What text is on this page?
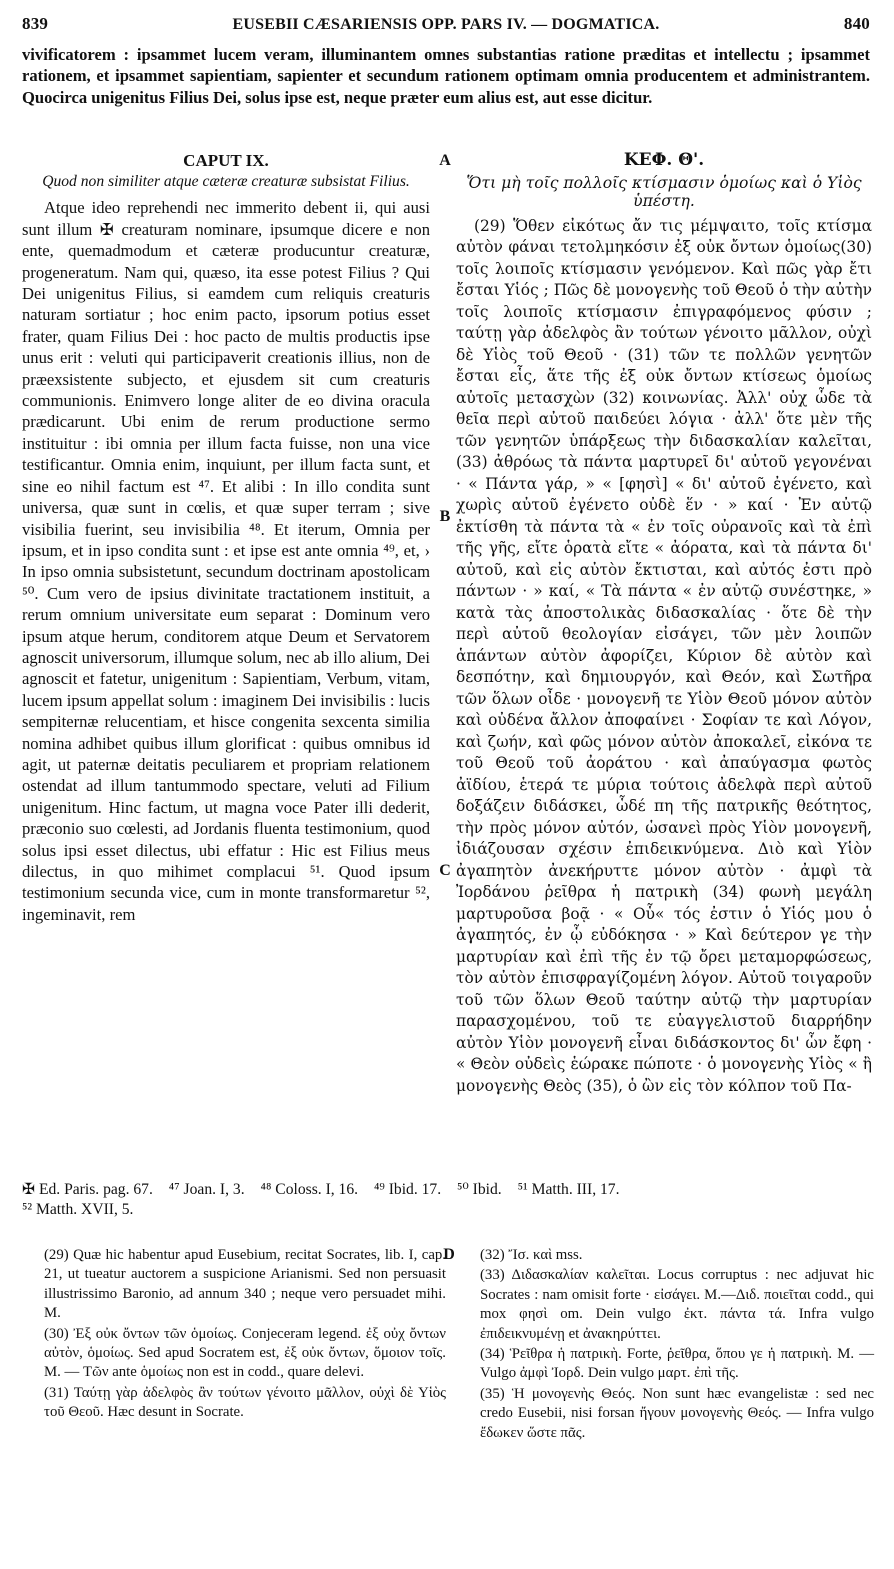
839	EUSEBII CÆSARIENSIS OPP. PARS IV. — DOGMATICA.	840
vivificatorem : ipsammet lucem veram, illuminantem omnes substantias ratione præditas et intellectu ; ipsammet rationem, et ipsammet sapientiam, sapienter et secundum rationem optimam omnia producentem et administrantem. Quocirca unigenitus Filius Dei, solus ipse est, neque præter eum alius est, aut esse dicitur.
CAPUT IX.
Quod non similiter atque cæteræ creaturæ subsistat Filius.

Atque ideo reprehendi nec immerito debent ii, qui ausi sunt illum ✠ creaturam nominare, ipsumque dicere e non ente, quemadmodum et cæteræ producuntur creaturæ, progeneratum. Nam qui, quæso, ita esse potest Filius ? Qui Dei unigenitus Filius, si eamdem cum reliquis creaturis naturam sortiatur ; hoc enim pacto, ipsorum potius esset frater, quam Filius Dei : hoc pacto de multis productis ipse unus erit : veluti qui participaverit creationis illius, non de præexsistente subjecto, et ejusdem sit cum creaturis communionis. Enimvero longe aliter de eo divina oracula prædicarunt. Ubi enim de rerum productione sermo instituitur : ibi omnia per illum facta fuisse, non una vice testificantur. Omnia enim, inquiunt, per illum facta sunt, et sine eo nihil factum est ⁴⁷. Et alibi : In illo condita sunt universa, quæ sunt in cœlis, et quæ super terram ; sive visibilia fuerint, seu invisibilia ⁴⁸. Et iterum, Omnia per ipsum, et in ipso condita sunt : et ipse est ante omnia ⁴⁹, et, › In ipso omnia subsistetunt, secundum doctrinam apostolicam ⁵⁰. Cum vero de ipsius divinitate tractationem instituit, a rerum omnium universitate eum separat : Dominum vero ipsum atque herum, conditorem atque Deum et Servatorem agnoscit universorum, illumque solum, nec ab illo alium, Dei agnoscit et fatetur, unigenitum : Sapientiam, Verbum, vitam, lucem ipsum appellat solum : imaginem Dei invisibilis : lucis sempiternæ relucentiam, et hisce congenita sexcenta similia nomina adhibet quibus illum glorificat : quibus omnibus id agit, ut paternæ deitatis peculiarem et propriam relationem ostendat ad illum tantummodo spectare, veluti ad Filium unigenitum. Hinc factum, ut magna voce Pater illi dederit, præconio suo cœlesti, ad Jordanis fluenta testimonium, quod solus ipsi esset dilectus, ubi effatur : Hic est Filius meus dilectus, in quo mihimet complacui ⁵¹. Quod ipsum testimonium secunda vice, cum in monte transformaretur ⁵², ingeminavit, rem

A
B
C
D
ΚΕΦ. Θ'.
Ὅτι μὴ τοῖς πολλοῖς κτίσμασιν ὁμοίως καὶ ὁ Υἱὸς ὑπέστη.

(29) Ὅθεν εἰκότως ἄν τις μέμψαιτο, τοῖς κτίσμα αὐτὸν φάναι τετολμηκόσιν ἐξ οὐκ ὄντων ὁμοίως(30) τοῖς λοιποῖς κτίσμασιν γενόμενον. Καὶ πῶς γὰρ ἔτι ἔσται Υἱός ; Πῶς δὲ μονογενὴς τοῦ Θεοῦ ὁ τὴν αὐτὴν τοῖς λοιποῖς κτίσμασιν ἐπιγραφόμενος φύσιν ; ταύτῃ γὰρ ἀδελφὸς ἂν τούτων γένοιτο μᾶλλον, οὐχὶ δὲ Υἱὸς τοῦ Θεοῦ · (31) τῶν τε πολλῶν γενητῶν ἔσται εἷς, ἅτε τῆς ἐξ οὐκ ὄντων κτίσεως ὁμοίως αὐτοῖς μετασχὼν (32) κοινωνίας. Ἀλλ' οὐχ ὧδε τὰ θεῖα περὶ αὐτοῦ παιδεύει λόγια · ἀλλ' ὅτε μὲν τῆς τῶν γενητῶν ὑπάρξεως τὴν διδασκαλίαν καλεῖται, (33) ἀθρόως τὰ πάντα μαρτυρεῖ δι' αὐτοῦ γεγονέναι · « Πάντα γάρ, » « [φησὶ] « δι' αὐτοῦ ἐγένετο, καὶ χωρὶς αὐτοῦ ἐγένετο οὐδὲ ἕν · » καί · Ἐν αὐτῷ ἐκτίσθη τὰ πάντα τὰ « ἐν τοῖς οὐρανοῖς καὶ τὰ ἐπὶ τῆς γῆς, εἴτε ὁρατὰ εἴτε « ἀόρατα, καὶ τὰ πάντα δι' αὐτοῦ, καὶ εἰς αὐτὸν ἔκτισται, καὶ αὐτός ἐστι πρὸ πάντων · » καί, « Τὰ πάντα « ἐν αὐτῷ συνέστηκε, » κατὰ τὰς ἀποστολικὰς διδασκαλίας · ὅτε δὲ τὴν περὶ αὐτοῦ θεολογίαν εἰσάγει, τῶν μὲν λοιπῶν ἁπάντων αὐτὸν ἀφορίζει, Κύριον δὲ αὐτὸν καὶ δεσπότην, καὶ δημιουργόν, καὶ Θεόν, καὶ Σωτῆρα τῶν ὅλων οἶδε · μονογενῆ τε Υἱὸν Θεοῦ μόνον αὐτὸν καὶ οὐδένα ἄλλον ἀποφαίνει · Σοφίαν τε καὶ Λόγον, καὶ ζωήν, καὶ φῶς μόνον αὐτὸν ἀποκαλεῖ, εἰκόνα τε τοῦ Θεοῦ τοῦ ἀοράτου · καὶ ἀπαύγασμα φωτὸς ἀϊδίου, ἑτερά τε μύρια τούτοις ἀδελφὰ περὶ αὐτοῦ δοξάζειν διδάσκει, ὧδέ πη τῆς πατρικῆς θεότητος, τὴν πρὸς μόνον αὐτόν, ὡσανεὶ πρὸς Υἱὸν μονογενῆ, ἰδιάζουσαν σχέσιν ἐπιδεικνύμενα. Διὸ καὶ Υἱὸν ἀγαπητὸν ἀνεκήρυττε μόνον αὐτὸν · ἀμφὶ τὰ Ἰορδάνου ῥεῖθρα ἡ πατρικὴ (34) φωνὴ μεγάλη μαρτυροῦσα βοᾷ · « Οὗ« τός ἐστιν ὁ Υἱός μου ὁ ἀγαπητός, ἐν ᾧ εὐδόκησα · » Καὶ δεύτερον γε τὴν μαρτυρίαν καὶ ἐπὶ τῆς ἐν τῷ ὄρει μεταμορφώσεως, τὸν αὐτὸν ἐπισφραγίζομένη λόγον. Αὐτοῦ τοιγαροῦν τοῦ τῶν ὅλων Θεοῦ ταύτην αὐτῷ τὴν μαρτυρίαν παρασχομένου, τοῦ τε εὐαγγελιστοῦ διαρρήδην αὐτὸν Υἱὸν μονογενῆ εἶναι διδάσκοντος δι' ὧν ἔφη · « Θεὸν οὐδεὶς ἑώρακε πώποτε · ὁ μονογενὴς Υἱὸς « ἢ μονογενὴς Θεὸς (35), ὁ ὢν εἰς τὸν κόλπον τοῦ Πα-

✠ Ed. Paris. pag. 67. ⁴⁷ Joan. I, 3. ⁴⁸ Coloss. I, 16. ⁴⁹ Ibid. 17. ⁵⁰ Ibid. ⁵¹ Matth. III, 17.
⁵² Matth. XVII, 5.

(29) Quæ hic habentur apud Eusebium, recitat Socrates, lib. I, cap. 21, ut tueatur auctorem a suspicione Arianismi. Sed non persuasit illustrissimo Baronio, ad annum 340 ; neque vero persuadet mihi. M.

(30) Ἐξ οὐκ ὄντων τῶν ὁμοίως. Conjeceram legend. ἐξ οὐχ ὄντων αὐτὸν, ὁμοίως. Sed apud Socratem est, ἐξ οὐκ ὄντων, ὅμοιον τοῖς. M. — Τῶν ante ὁμοίως non est in codd., quare delevi.

(31) Ταύτῃ γὰρ ἀδελφὸς ἂν τούτων γένοιτο μᾶλλον, οὐχὶ δὲ Υἱὸς τοῦ Θεοῦ. Hæc desunt in Socrate.

(32) Ἴσ. καὶ mss.

(33) Διδασκαλίαν καλεῖται. Locus corruptus : nec adjuvat hic Socrates : nam omisit forte · εἰσάγει. M.—Διδ. ποιεῖται codd., qui mox φησὶ om. Dein vulgo ἐκτ. πάντα τά. Infra vulgo ἐπιδεικνυμένῃ et ἀνακηρύττει.

(34) Ῥεῖθρα ἡ πατρικὴ. Forte, ῥεῖθρα, ὅπου γε ἡ πατρικὴ. M. — Vulgo ἀμφὶ Ἰορδ. Dein vulgo μαρτ. ἐπὶ τῆς.

(35) Ἡ μονογενὴς Θεός. Non sunt hæc evangelistæ : sed nec credo Eusebii, nisi forsan ἤγουν μονογενὴς Θεός. — Infra vulgo ἔδωκεν ὥστε πᾶς.
